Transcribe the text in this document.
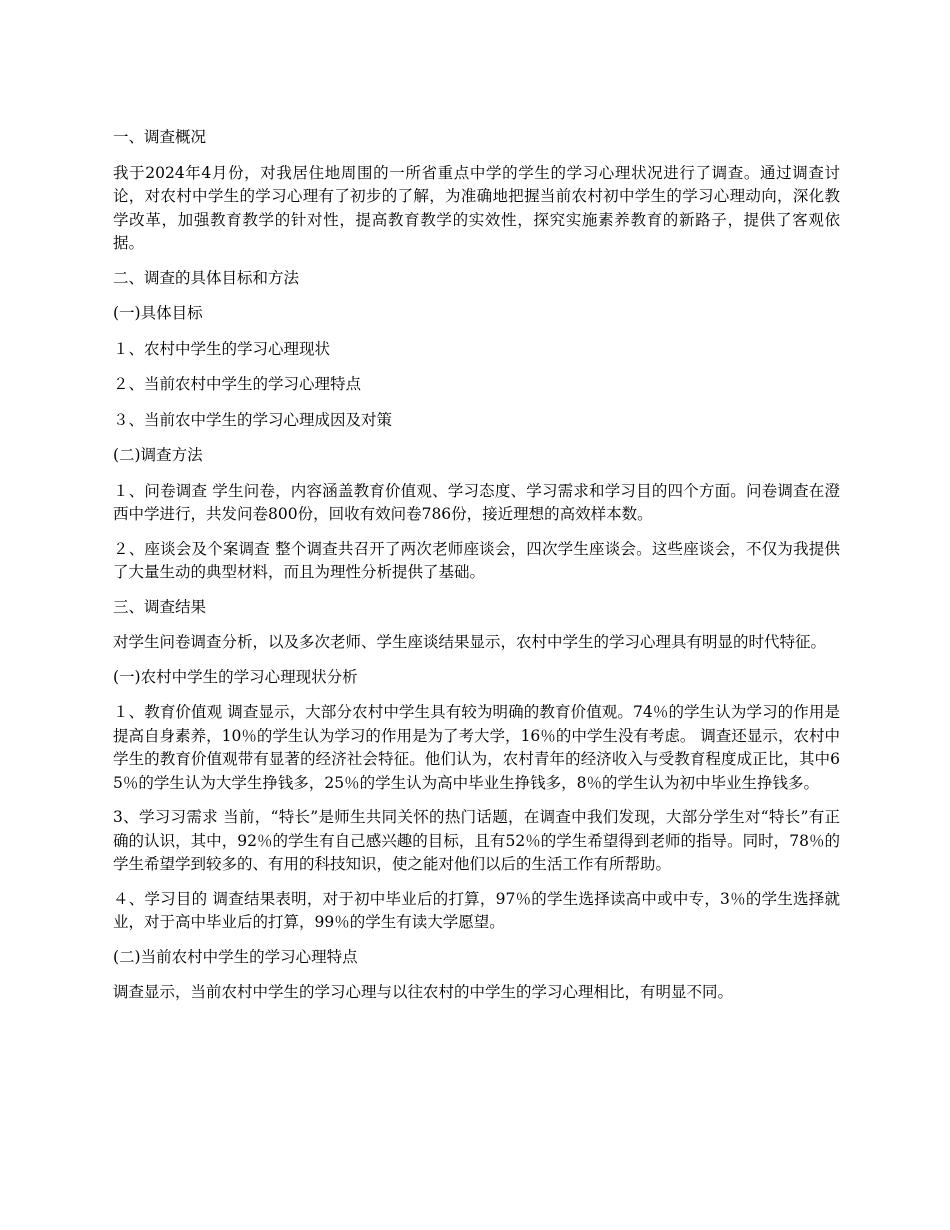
一、调查概况

我于2024年4月份，对我居住地周围的一所省重点中学的学生的学习心理状况进行了调查。通过调查讨论，对农村中学生的学习心理有了初步的了解，为准确地把握当前农村初中学生的学习心理动向，深化教学改革，加强教育教学的针对性，提高教育教学的实效性，探究实施素养教育的新路子，提供了客观依据。

二、调查的具体目标和方法

(一)具体目标

１、农村中学生的学习心理现状

２、当前农村中学生的学习心理特点

３、当前农中学生的学习心理成因及对策

(二)调查方法

１、问卷调查 学生问卷，内容涵盖教育价值观、学习态度、学习需求和学习目的四个方面。问卷调查在澄西中学进行，共发问卷800份，回收有效问卷786份，接近理想的高效样本数。

２、座谈会及个案调查 整个调查共召开了两次老师座谈会，四次学生座谈会。这些座谈会，不仅为我提供了大量生动的典型材料，而且为理性分析提供了基础。

三、调查结果

对学生问卷调查分析，以及多次老师、学生座谈结果显示，农村中学生的学习心理具有明显的时代特征。

(一)农村中学生的学习心理现状分析

１、教育价值观 调查显示，大部分农村中学生具有较为明确的教育价值观。74％的学生认为学习的作用是提高自身素养，10％的学生认为学习的作用是为了考大学，16％的中学生没有考虑。 调查还显示，农村中学生的教育价值观带有显著的经济社会特征。他们认为，农村青年的经济收入与受教育程度成正比，其中65％的学生认为大学生挣钱多，25％的学生认为高中毕业生挣钱多，8％的学生认为初中毕业生挣钱多。

3、学习习需求 当前，“特长”是师生共同关怀的热门话题，在调查中我们发现，大部分学生对“特长”有正确的认识，其中，92％的学生有自己感兴趣的目标，且有52％的学生希望得到老师的指导。同时，78％的学生希望学到较多的、有用的科技知识，使之能对他们以后的生活工作有所帮助。

４、学习目的 调查结果表明，对于初中毕业后的打算，97％的学生选择读高中或中专，3％的学生选择就业，对于高中毕业后的打算，99％的学生有读大学愿望。

(二)当前农村中学生的学习心理特点

调查显示，当前农村中学生的学习心理与以往农村的中学生的学习心理相比，有明显不同。
